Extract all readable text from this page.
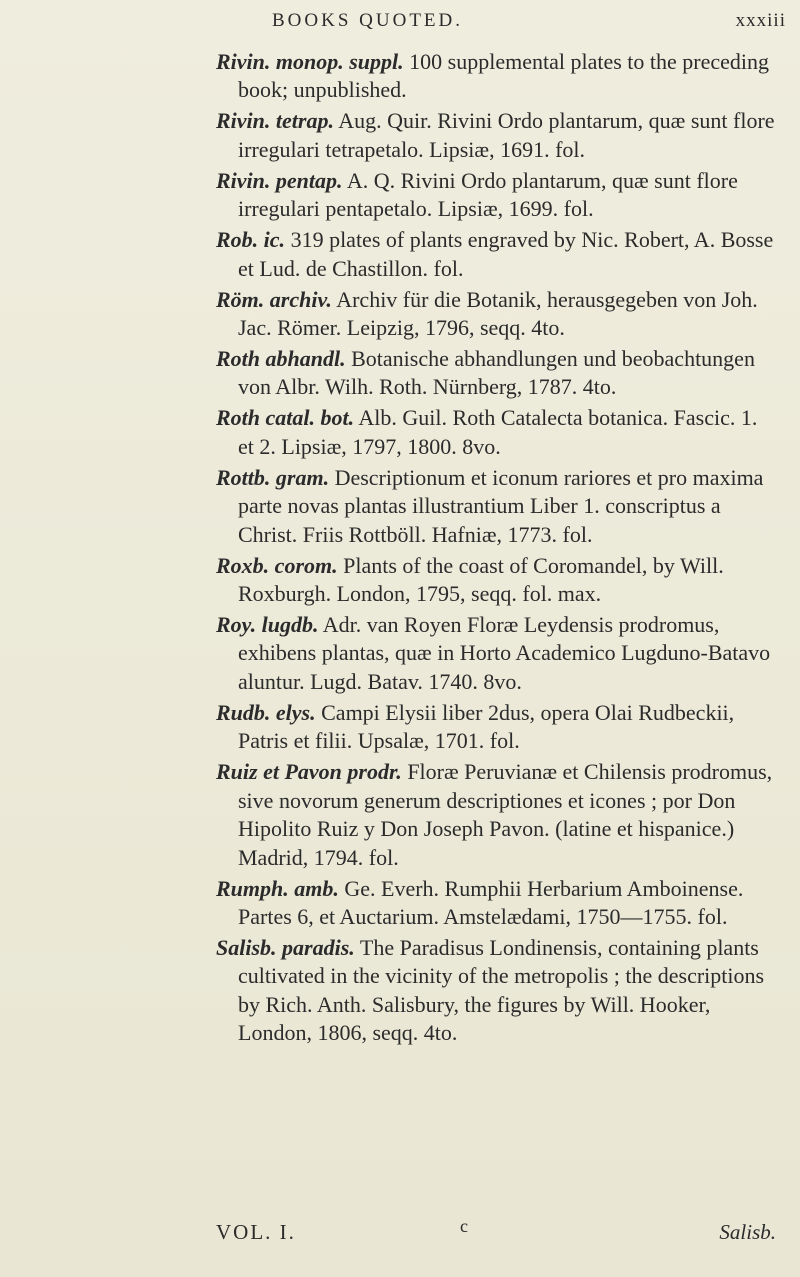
BOOKS QUOTED.	xxxiii

Rivin. monop. suppl. 100 supplemental plates to the preceding book; unpublished.

Rivin. tetrap. Aug. Quir. Rivini Ordo plantarum, quæ sunt flore irregulari tetrapetalo. Lipsiæ, 1691. fol.

Rivin. pentap. A. Q. Rivini Ordo plantarum, quæ sunt flore irregulari pentapetalo. Lipsiæ, 1699. fol.

Rob. ic. 319 plates of plants engraved by Nic. Robert, A. Bosse et Lud. de Chastillon. fol.

Röm. archiv. Archiv für die Botanik, herausgegeben von Joh. Jac. Römer. Leipzig, 1796, seqq. 4to.

Roth abhandl. Botanische abhandlungen und beobachtungen von Albr. Wilh. Roth. Nürnberg, 1787. 4to.

Roth catal. bot. Alb. Guil. Roth Catalecta botanica. Fascic. 1. et 2. Lipsiæ, 1797, 1800. 8vo.

Rottb. gram. Descriptionum et iconum rariores et pro maxima parte novas plantas illustrantium Liber 1. conscriptus a Christ. Friis Rottböll. Hafniæ, 1773. fol.

Roxb. corom. Plants of the coast of Coromandel, by Will. Roxburgh. London, 1795, seqq. fol. max.

Roy. lugdb. Adr. van Royen Floræ Leydensis prodromus, exhibens plantas, quæ in Horto Academico Lugduno-Batavo aluntur. Lugd. Batav. 1740. 8vo.

Rudb. elys. Campi Elysii liber 2dus, opera Olai Rudbeckii, Patris et filii. Upsalæ, 1701. fol.

Ruiz et Pavon prodr. Floræ Peruvianæ et Chilensis prodromus, sive novorum generum descriptiones et icones ; por Don Hipolito Ruiz y Don Joseph Pavon. (latine et hispanice.) Madrid, 1794. fol.

Rumph. amb. Ge. Everh. Rumphii Herbarium Amboinense. Partes 6, et Auctarium. Amstelædami, 1750—1755. fol.

Salisb. paradis. The Paradisus Londinensis, containing plants cultivated in the vicinity of the metropolis ; the descriptions by Rich. Anth. Salisbury, the figures by Will. Hooker, London, 1806, seqq. 4to.

VOL. I.	c	Salisb.
